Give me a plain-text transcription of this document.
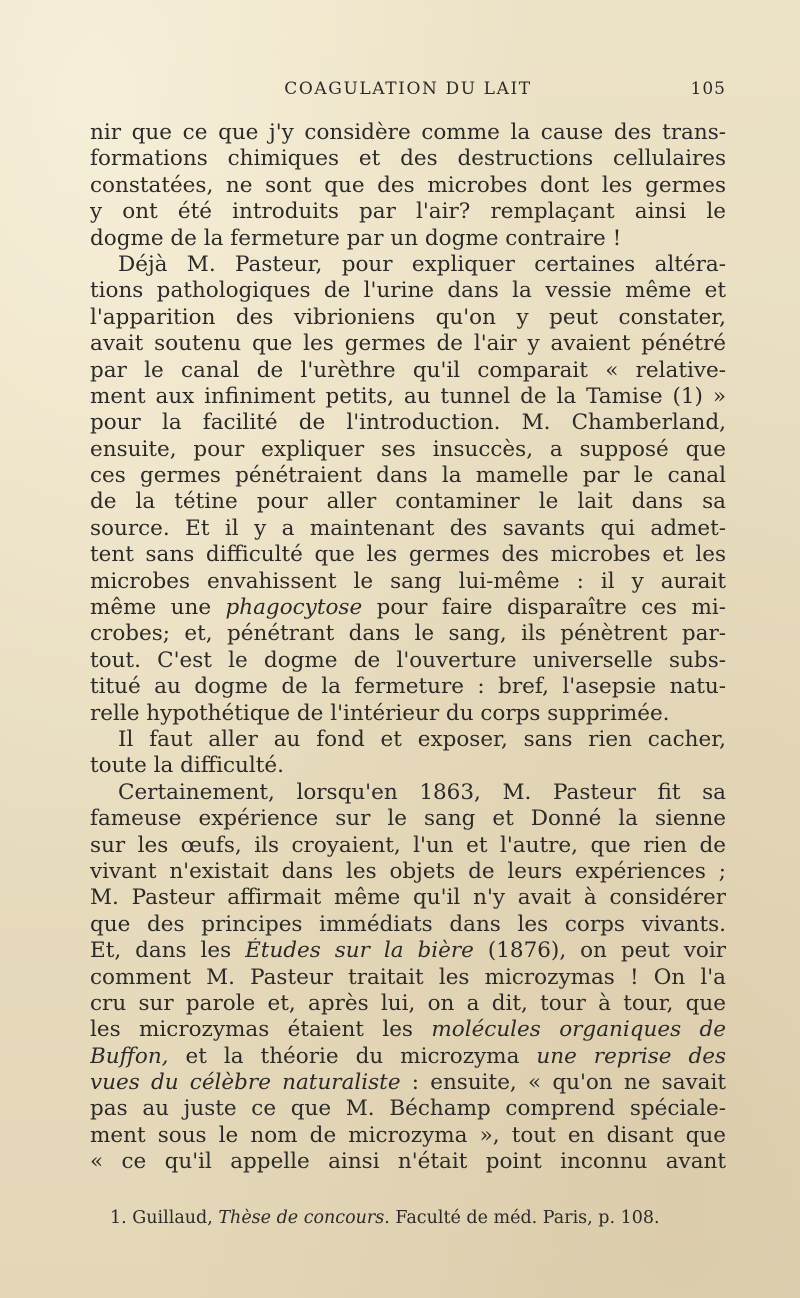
COAGULATION DU LAIT	105
nir que ce que j'y considère comme la cause des trans-
formations chimiques et des destructions cellulaires
constatées, ne sont que des microbes dont les germes
y ont été introduits par l'air? remplaçant ainsi le
dogme de la fermeture par un dogme contraire !
Déjà M. Pasteur, pour expliquer certaines altéra-
tions pathologiques de l'urine dans la vessie même et
l'apparition des vibrioniens qu'on y peut constater,
avait soutenu que les germes de l'air y avaient pénétré
par le canal de l'urèthre qu'il comparait « relative-
ment aux infiniment petits, au tunnel de la Tamise (1) »
pour la facilité de l'introduction. M. Chamberland,
ensuite, pour expliquer ses insuccès, a supposé que
ces germes pénétraient dans la mamelle par le canal
de la tétine pour aller contaminer le lait dans sa
source. Et il y a maintenant des savants qui admet-
tent sans difficulté que les germes des microbes et les
microbes envahissent le sang lui-même : il y aurait
même une phagocytose pour faire disparaître ces mi-
crobes; et, pénétrant dans le sang, ils pénètrent par-
tout. C'est le dogme de l'ouverture universelle subs-
titué au dogme de la fermeture : bref, l'asepsie natu-
relle hypothétique de l'intérieur du corps supprimée.
Il faut aller au fond et exposer, sans rien cacher,
toute la difficulté.
Certainement, lorsqu'en 1863, M. Pasteur fit sa
fameuse expérience sur le sang et Donné la sienne
sur les œufs, ils croyaient, l'un et l'autre, que rien de
vivant n'existait dans les objets de leurs expériences ;
M. Pasteur affirmait même qu'il n'y avait à considérer
que des principes immédiats dans les corps vivants.
Et, dans les Études sur la bière (1876), on peut voir
comment M. Pasteur traitait les microzymas ! On l'a
cru sur parole et, après lui, on a dit, tour à tour, que
les microzymas étaient les molécules organiques de
Buffon, et la théorie du microzyma une reprise des
vues du célèbre naturaliste : ensuite, « qu'on ne savait
pas au juste ce que M. Béchamp comprend spéciale-
ment sous le nom de microzyma », tout en disant que
« ce qu'il appelle ainsi n'était point inconnu avant
1. Guillaud, Thèse de concours. Faculté de méd. Paris, p. 108.
